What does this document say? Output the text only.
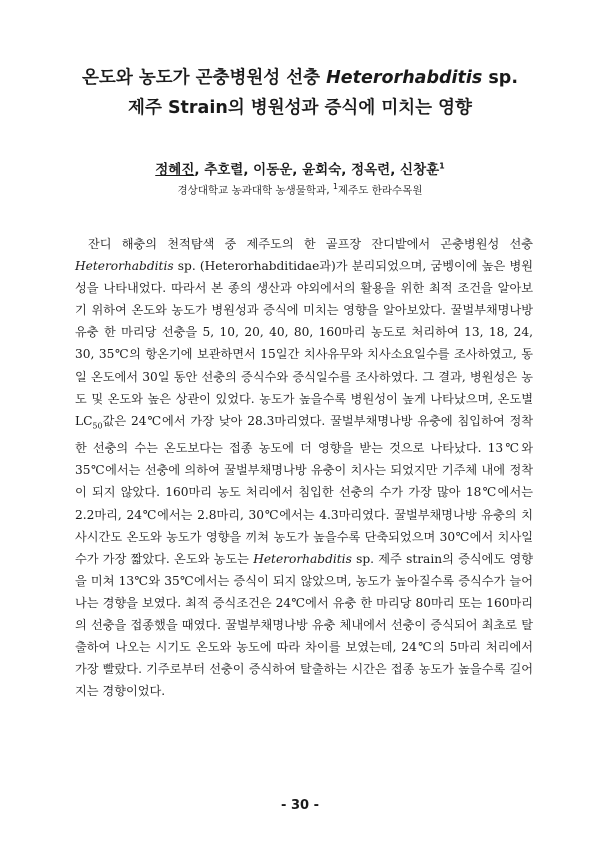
온도와 농도가 곤충병원성 선충 Heterorhabditis sp.
제주 Strain의 병원성과 증식에 미치는 영향
정혜진, 추호렬, 이동운, 윤회숙, 정옥련, 신창훈$^1$
경상대학교 농과대학 농생물학과, $^1$제주도 한라수목원

잔디 해충의 천적탐색 중 제주도의 한 골프장 잔디밭에서 곤충병원성 선충 Heterorhabditis sp. (Heterorhabditidae과)가 분리되었으며, 굼벵이에 높은 병원성을 나타내었다. 따라서 본 종의 생산과 야외에서의 활용을 위한 최적 조건을 알아보기 위하여 온도와 농도가 병원성과 증식에 미치는 영향을 알아보았다. 꿀벌부채명나방 유충 한 마리당 선충을 5, 10, 20, 40, 80, 160마리 농도로 처리하여 13, 18, 24, 30, 35℃의 항온기에 보관하면서 15일간 치사유무와 치사소요일수를 조사하였고, 동일 온도에서 30일 동안 선충의 증식수와 증식일수를 조사하였다. 그 결과, 병원성은 농도 및 온도와 높은 상관이 있었다. 농도가 높을수록 병원성이 높게 나타났으며, 온도별 $LC_{50}$값은 24℃에서 가장 낮아 28.3마리였다. 꿀벌부채명나방 유충에 침입하여 정착한 선충의 수는 온도보다는 접종 농도에 더 영향을 받는 것으로 나타났다. 13℃와 35℃에서는 선충에 의하여 꿀벌부채명나방 유충이 치사는 되었지만 기주체 내에 정착이 되지 않았다. 160마리 농도 처리에서 침입한 선충의 수가 가장 많아 18℃에서는 2.2마리, 24℃에서는 2.8마리, 30℃에서는 4.3마리였다. 꿀벌부채명나방 유충의 치사시간도 온도와 농도가 영향을 끼쳐 농도가 높을수록 단축되었으며 30℃에서 치사일수가 가장 짧았다. 온도와 농도는 Heterorhabditis sp. 제주 strain의 증식에도 영향을 미쳐 13℃와 35℃에서는 증식이 되지 않았으며, 농도가 높아질수록 증식수가 늘어나는 경향을 보였다. 최적 증식조건은 24℃에서 유충 한 마리당 80마리 또는 160마리의 선충을 접종했을 때였다. 꿀벌부채명나방 유충 체내에서 선충이 증식되어 최초로 탈출하여 나오는 시기도 온도와 농도에 따라 차이를 보였는데, 24℃의 5마리 처리에서 가장 빨랐다. 기주로부터 선충이 증식하여 탈출하는 시간은 접종 농도가 높을수록 길어지는 경향이었다.

- 30 -
